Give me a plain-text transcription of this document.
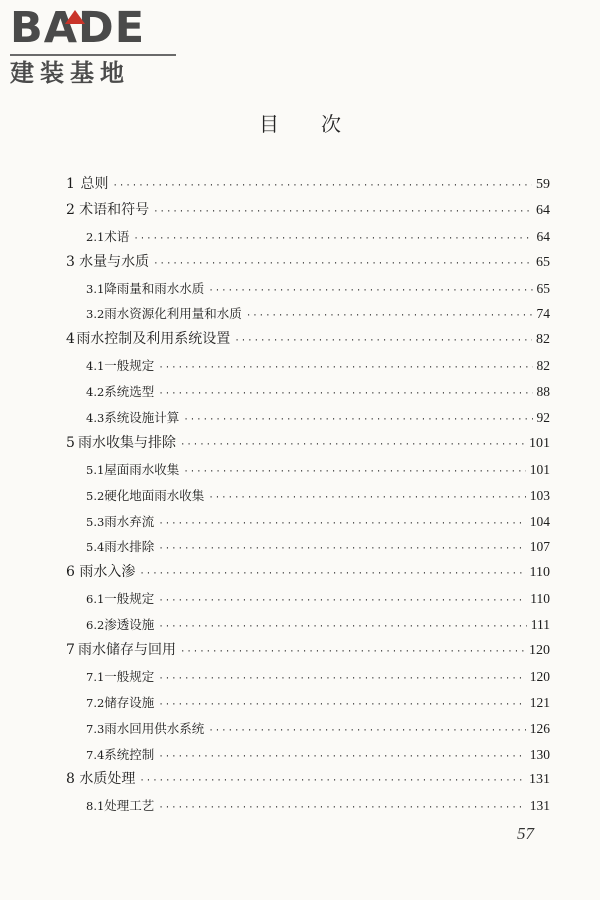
BADE
建装基地
目次
1 总则 ·····	59
2 术语和符号 ·····	64
2.1 术语 ·····	64
3 水量与水质 ·····	65
3.1 降雨量和雨水水质 ·····	65
3.2 雨水资源化利用量和水质 ·····	74
4 雨水控制及利用系统设置 ·····	82
4.1 一般规定 ·····	82
4.2 系统选型 ·····	88
4.3 系统设施计算 ·····	92
5 雨水收集与排除 ·····	101
5.1 屋面雨水收集 ·····	101
5.2 硬化地面雨水收集 ·····	103
5.3 雨水弃流 ·····	104
5.4 雨水排除 ·····	107
6 雨水入渗 ·····	110
6.1 一般规定 ·····	110
6.2 渗透设施 ·····	111
7 雨水储存与回用 ·····	120
7.1 一般规定 ·····	120
7.2 储存设施 ·····	121
7.3 雨水回用供水系统 ·····	126
7.4 系统控制 ·····	130
8 水质处理 ·····	131
8.1 处理工艺 ·····	131
57
